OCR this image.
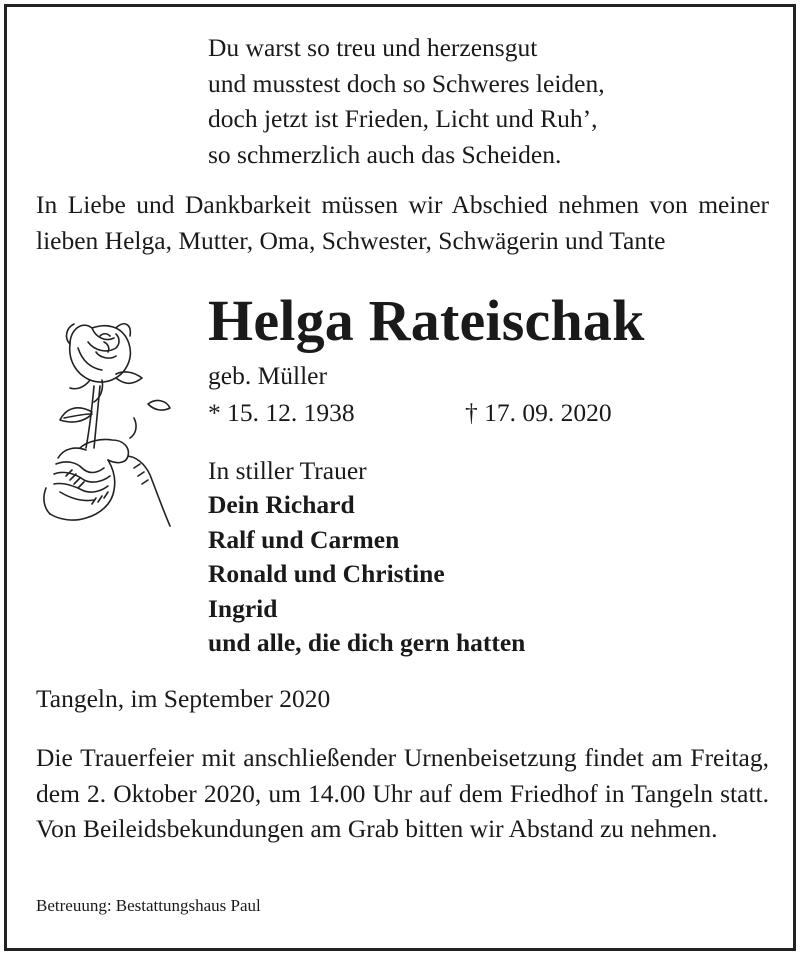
Du warst so treu und herzensgut
und musstest doch so Schweres leiden,
doch jetzt ist Frieden, Licht und Ruh’,
so schmerzlich auch das Scheiden.

In Liebe und Dankbarkeit müssen wir Abschied nehmen von meiner lieben Helga, Mutter, Oma, Schwester, Schwägerin und Tante

Helga Rateischak
geb. Müller
* 15. 12. 1938	† 17. 09. 2020
In stiller Trauer
Dein Richard
Ralf und Carmen
Ronald und Christine
Ingrid
und alle, die dich gern hatten
Tangeln, im September 2020

Die Trauerfeier mit anschließender Urnenbeisetzung findet am Freitag, dem 2. Oktober 2020, um 14.00 Uhr auf dem Friedhof in Tangeln statt. Von Beileidsbekundungen am Grab bitten wir Abstand zu nehmen.

Betreuung: Bestattungshaus Paul
